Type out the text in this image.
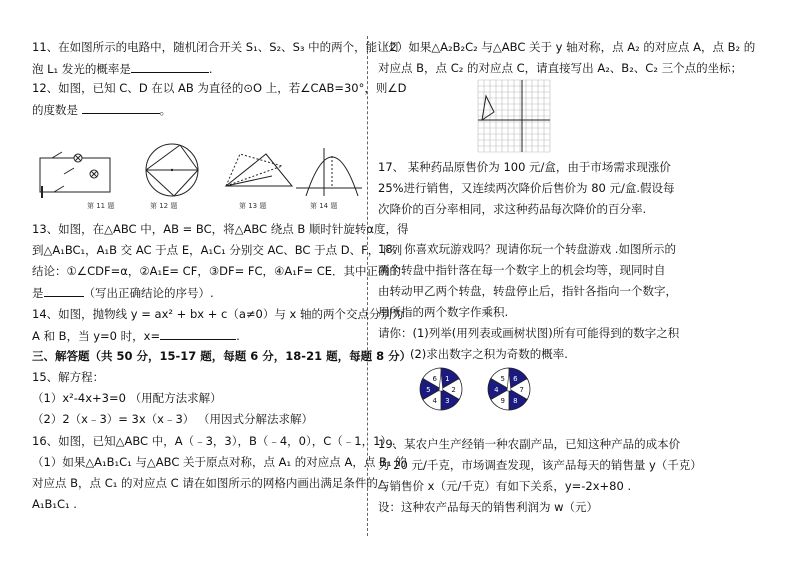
11、在如图所示的电路中，随机闭合开关 S₁、S₂、S₃ 中的两个，能让灯
泡 L₁ 发光的概率是	.
12、如图，已知 C、D 在以 AB 为直径的⊙O 上，若∠CAB=30°，则∠D
的度数是	。
第 11 题	第 12 题	第 13 题	第 14 题
13、如图，在△ABC 中，AB = BC，将△ABC 绕点 B 顺时针旋转α度，得
到△A₁BC₁，A₁B 交 AC 于点 E，A₁C₁ 分别交 AC、BC 于点 D、F，下列
结论：①∠CDF=α，②A₁E= CF，③DF= FC，④A₁F= CE．其中正确的
是	（写出正确结论的序号）.
14、如图，抛物线 y = ax² + bx + c（a≠0）与 x 轴的两个交点分别为
A 和 B，当 y=0 时，x=	.
三、解答题（共 50 分，15-17 题，每题 6 分，18-21 题，每题 8 分）
15、解方程：
（1）x²-4x+3=0 （用配方法求解）
（2）2（x﹣3）= 3x（x﹣3） （用因式分解法求解）
16、如图，已知△ABC 中，A（﹣3，3），B（﹣4，0），C（﹣1，1）.
（1）如果△A₁B₁C₁ 与△ABC 关于原点对称，点 A₁ 的对应点 A，点 B₁ 的
对应点 B，点 C₁ 的对应点 C 请在如图所示的网格内画出满足条件的△
A₁B₁C₁ .
（2）如果△A₂B₂C₂ 与△ABC 关于 y 轴对称，点 A₂ 的对应点 A，点 B₂ 的
对应点 B，点 C₂ 的对应点 C，请直接写出 A₂、B₂、C₂ 三个点的坐标；
17、 某种药品原售价为 100 元/盒，由于市场需求现涨价
25%进行销售，又连续两次降价后售价为 80 元/盒.假设每
次降价的百分率相同，求这种药品每次降价的百分率.
18、你喜欢玩游戏吗？现请你玩一个转盘游戏 .如图所示的
两个转盘中指针落在每一个数字上的机会均等，现同时自
由转动甲乙两个转盘，转盘停止后，指针各指向一个数字，
用所指的两个数字作乘积.
请你：(1)列举(用列表或画树状图)所有可能得到的数字之积
(2)求出数字之积为奇数的概率.
1
2
3
4
5
6	6
7
8
9
4
5
19、某农户生产经销一种农副产品，已知这种产品的成本价
为 20 元/千克，市场调查发现，该产品每天的销售量 y（千克）
与销售价 x（元/千克）有如下关系，y=-2x+80 .
设：这种农产品每天的销售利润为 w（元）
